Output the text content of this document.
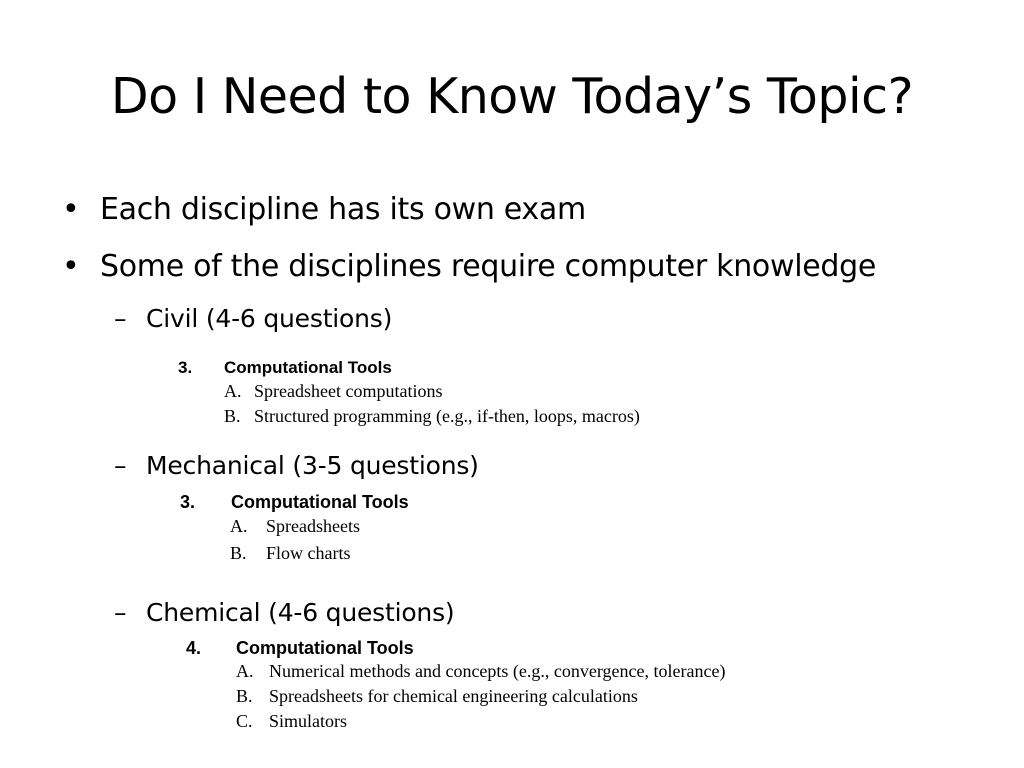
Do I Need to Know Today’s Topic?
• Each discipline has its own exam
• Some of the disciplines require computer knowledge
– Civil (4-6 questions)
3. Computational Tools
A. Spreadsheet computations
B. Structured programming (e.g., if-then, loops, macros)
– Mechanical (3-5 questions)
3. Computational Tools
A. Spreadsheets
B. Flow charts
– Chemical (4-6 questions)
4. Computational Tools
A. Numerical methods and concepts (e.g., convergence, tolerance)
B. Spreadsheets for chemical engineering calculations
C. Simulators
